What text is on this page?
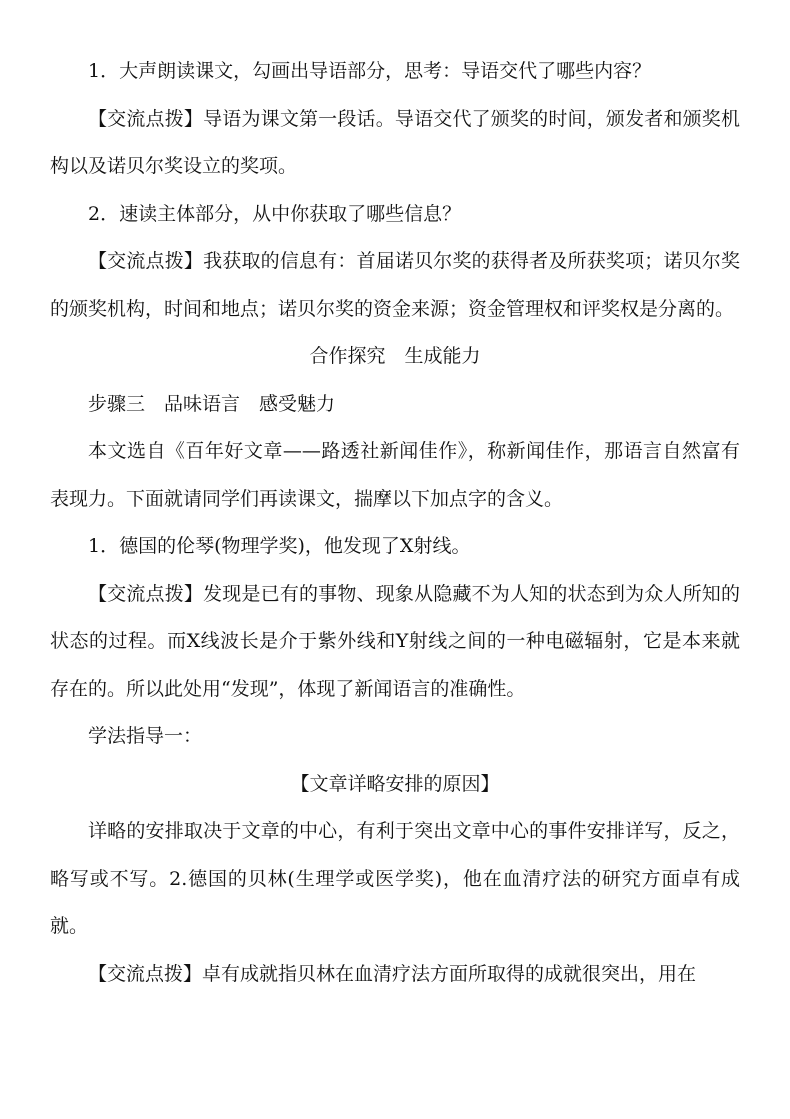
1．大声朗读课文，勾画出导语部分，思考：导语交代了哪些内容？

【交流点拨】导语为课文第一段话。导语交代了颁奖的时间，颁发者和颁奖机构以及诺贝尔奖设立的奖项。

2．速读主体部分，从中你获取了哪些信息？

【交流点拨】我获取的信息有：首届诺贝尔奖的获得者及所获奖项；诺贝尔奖的颁奖机构，时间和地点；诺贝尔奖的资金来源；资金管理权和评奖权是分离的。

合作探究　生成能力

步骤三　品味语言　感受魅力

本文选自《百年好文章——路透社新闻佳作》，称新闻佳作，那语言自然富有表现力。下面就请同学们再读课文，揣摩以下加点字的含义。

1．德国的伦琴(物理学奖)，他发现了X射线。

【交流点拨】发现是已有的事物、现象从隐藏不为人知的状态到为众人所知的状态的过程。而X线波长是介于紫外线和Y射线之间的一种电磁辐射，它是本来就存在的。所以此处用“发现”，体现了新闻语言的准确性。

学法指导一：

【文章详略安排的原因】

详略的安排取决于文章的中心，有利于突出文章中心的事件安排详写，反之，略写或不写。2.德国的贝林(生理学或医学奖)，他在血清疗法的研究方面卓有成就。

【交流点拨】卓有成就指贝林在血清疗法方面所取得的成就很突出，用在
